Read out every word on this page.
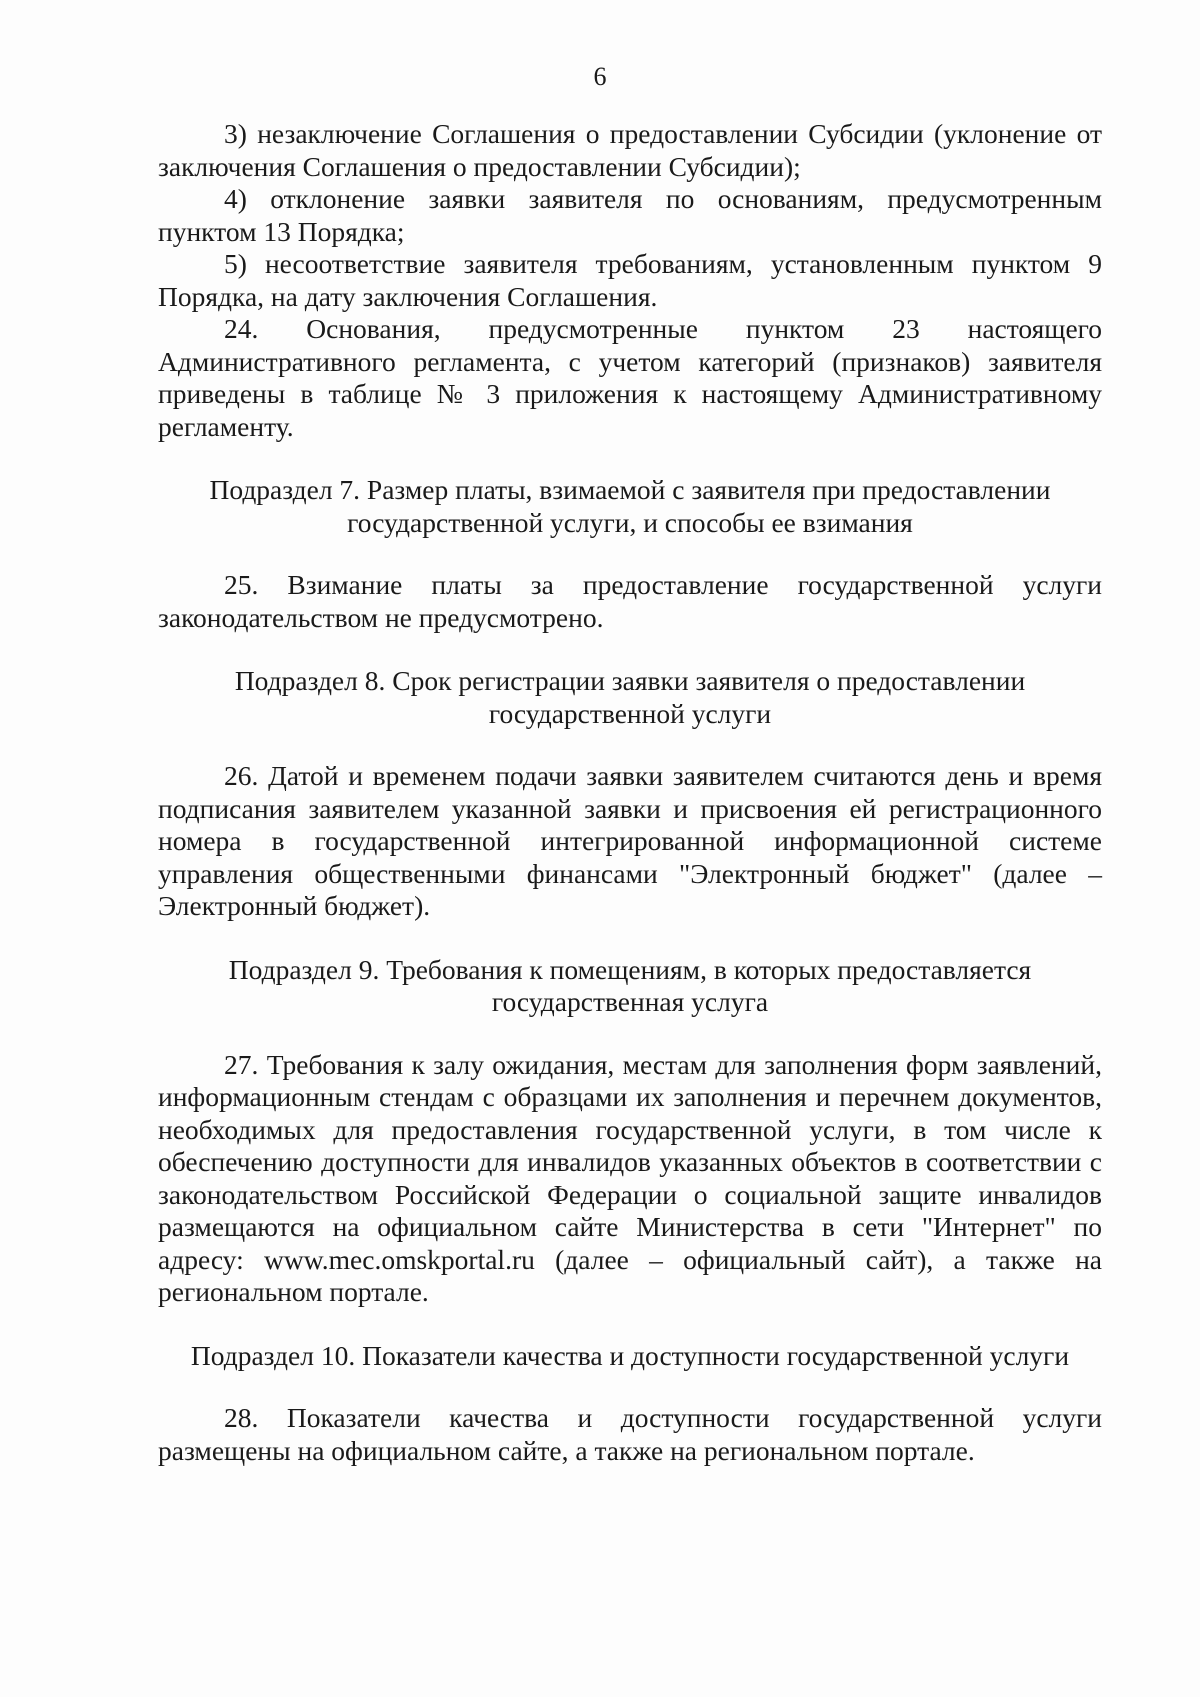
6

3) незаключение Соглашения о предоставлении Субсидии (уклонение от заключения Соглашения о предоставлении Субсидии);

4) отклонение заявки заявителя по основаниям, предусмотренным пунктом 13 Порядка;

5) несоответствие заявителя требованиям, установленным пунктом 9 Порядка, на дату заключения Соглашения.

24. Основания, предусмотренные пунктом 23 настоящего Административного регламента, с учетом категорий (признаков) заявителя приведены в таблице № 3 приложения к настоящему Административному регламенту.

Подраздел 7. Размер платы, взимаемой с заявителя при предоставлении
государственной услуги, и способы ее взимания

25. Взимание платы за предоставление государственной услуги законодательством не предусмотрено.

Подраздел 8. Срок регистрации заявки заявителя о предоставлении
государственной услуги

26. Датой и временем подачи заявки заявителем считаются день и время подписания заявителем указанной заявки и присвоения ей регистрационного номера в государственной интегрированной информационной системе управления общественными финансами "Электронный бюджет" (далее – Электронный бюджет).

Подраздел 9. Требования к помещениям, в которых предоставляется
государственная услуга

27. Требования к залу ожидания, местам для заполнения форм заявлений, информационным стендам с образцами их заполнения и перечнем документов, необходимых для предоставления государственной услуги, в том числе к обеспечению доступности для инвалидов указанных объектов в соответствии с законодательством Российской Федерации о социальной защите инвалидов размещаются на официальном сайте Министерства в сети "Интернет" по адресу: www.mec.omskportal.ru (далее – официальный сайт), а также на региональном портале.

Подраздел 10. Показатели качества и доступности государственной услуги

28. Показатели качества и доступности государственной услуги размещены на официальном сайте, а также на региональном портале.
